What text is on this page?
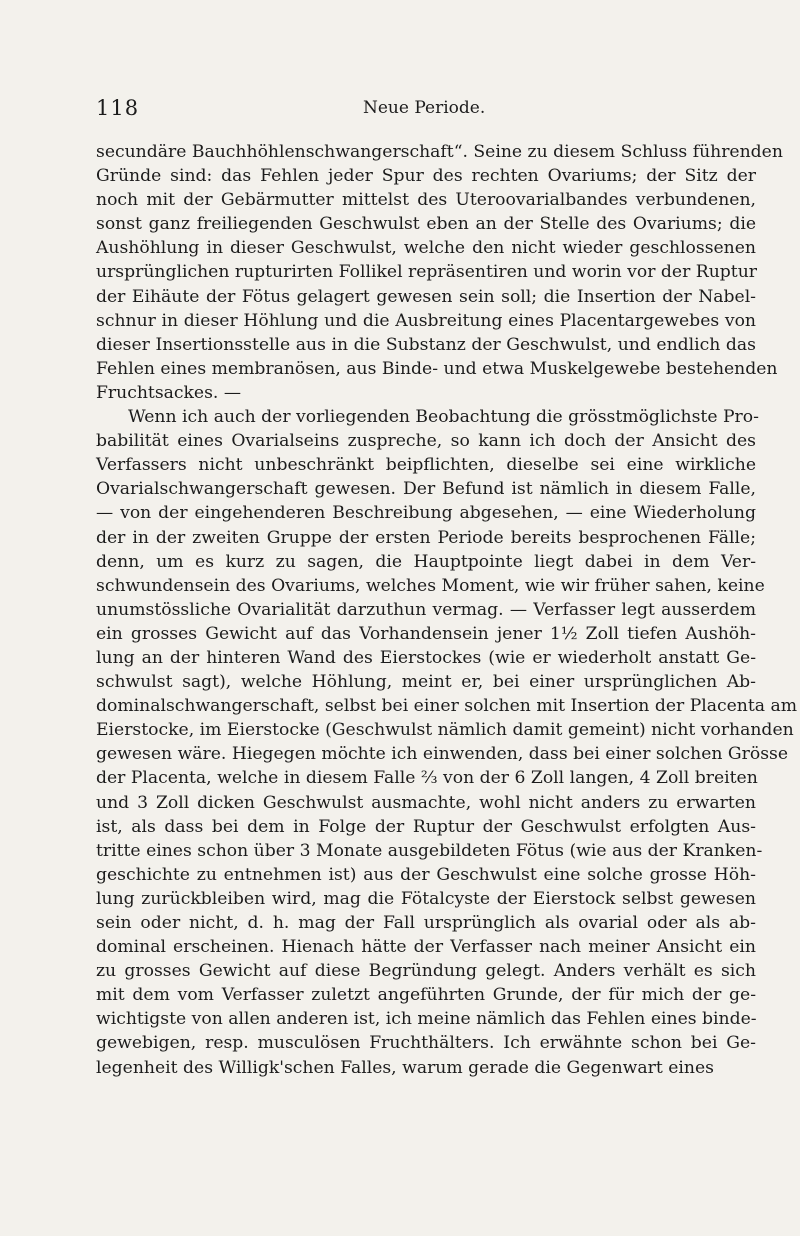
118	Neue Periode.
secundäre Bauchhöhlenschwangerschaft“. Seine zu diesem Schluss führenden
Gründe sind: das Fehlen jeder Spur des rechten Ovariums; der Sitz der
noch mit der Gebärmutter mittelst des Uteroovarialbandes verbundenen,
sonst ganz freiliegenden Geschwulst eben an der Stelle des Ovariums; die
Aushöhlung in dieser Geschwulst, welche den nicht wieder geschlossenen
ursprünglichen rupturirten Follikel repräsentiren und worin vor der Ruptur
der Eihäute der Fötus gelagert gewesen sein soll; die Insertion der Nabel-
schnur in dieser Höhlung und die Ausbreitung eines Placentargewebes von
dieser Insertionsstelle aus in die Substanz der Geschwulst, und endlich das
Fehlen eines membranösen, aus Binde- und etwa Muskelgewebe bestehenden
Fruchtsackes. —
Wenn ich auch der vorliegenden Beobachtung die grösstmöglichste Pro-
babilität eines Ovarialseins zuspreche, so kann ich doch der Ansicht des
Verfassers nicht unbeschränkt beipflichten, dieselbe sei eine wirkliche
Ovarialschwangerschaft gewesen. Der Befund ist nämlich in diesem Falle,
— von der eingehenderen Beschreibung abgesehen, — eine Wiederholung
der in der zweiten Gruppe der ersten Periode bereits besprochenen Fälle;
denn, um es kurz zu sagen, die Hauptpointe liegt dabei in dem Ver-
schwundensein des Ovariums, welches Moment, wie wir früher sahen, keine
unumstössliche Ovarialität darzuthun vermag. — Verfasser legt ausserdem
ein grosses Gewicht auf das Vorhandensein jener 1½ Zoll tiefen Aushöh-
lung an der hinteren Wand des Eierstockes (wie er wiederholt anstatt Ge-
schwulst sagt), welche Höhlung, meint er, bei einer ursprünglichen Ab-
dominalschwangerschaft, selbst bei einer solchen mit Insertion der Placenta am
Eierstocke, im Eierstocke (Geschwulst nämlich damit gemeint) nicht vorhanden
gewesen wäre. Hiegegen möchte ich einwenden, dass bei einer solchen Grösse
der Placenta, welche in diesem Falle ⅔ von der 6 Zoll langen, 4 Zoll breiten
und 3 Zoll dicken Geschwulst ausmachte, wohl nicht anders zu erwarten
ist, als dass bei dem in Folge der Ruptur der Geschwulst erfolgten Aus-
tritte eines schon über 3 Monate ausgebildeten Fötus (wie aus der Kranken-
geschichte zu entnehmen ist) aus der Geschwulst eine solche grosse Höh-
lung zurückbleiben wird, mag die Fötalcyste der Eierstock selbst gewesen
sein oder nicht, d. h. mag der Fall ursprünglich als ovarial oder als ab-
dominal erscheinen. Hienach hätte der Verfasser nach meiner Ansicht ein
zu grosses Gewicht auf diese Begründung gelegt. Anders verhält es sich
mit dem vom Verfasser zuletzt angeführten Grunde, der für mich der ge-
wichtigste von allen anderen ist, ich meine nämlich das Fehlen eines binde-
gewebigen, resp. musculösen Fruchthälters. Ich erwähnte schon bei Ge-
legenheit des Willigk'schen Falles, warum gerade die Gegenwart eines
